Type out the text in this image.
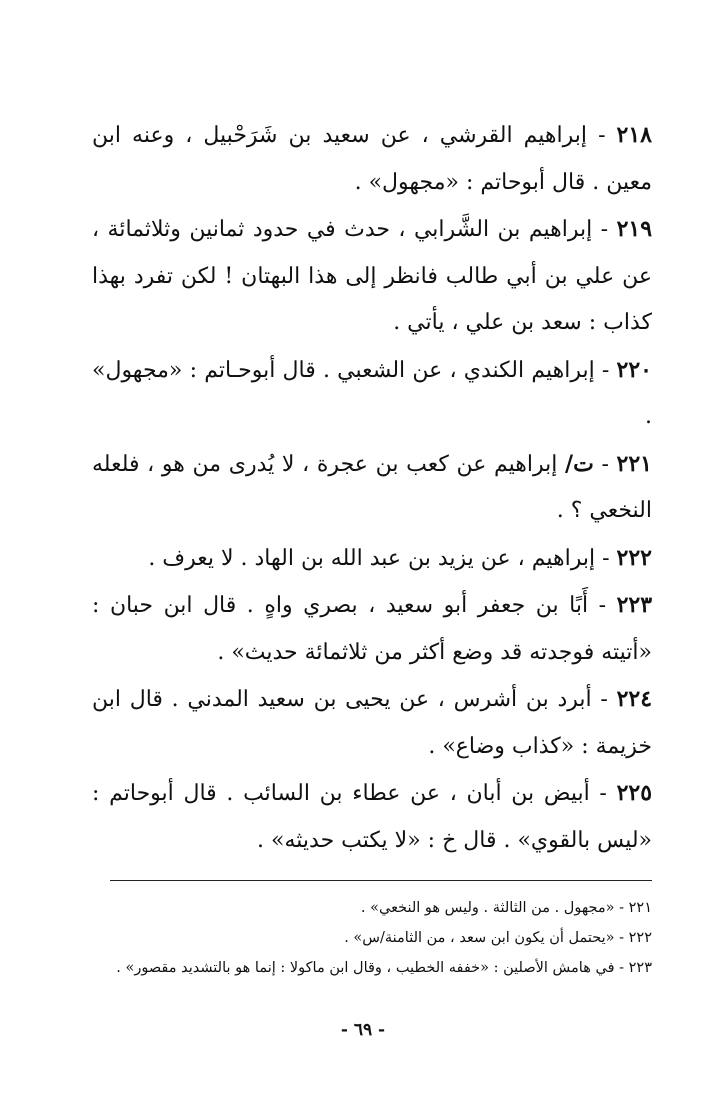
٢١٨ - إبراهيم القرشي ، عن سعيد بن شَرَحْبيل ، وعنه ابن معين . قال أبوحاتم : «مجهول» .

٢١٩ - إبراهيم بن الشَّرابي ، حدث في حدود ثمانين وثلاثمائة ، عن علي بن أبي طالب فانظر إلى هذا البهتان ! لكن تفرد بهذا كذاب : سعد بن علي ، يأتي .

٢٢٠ - إبراهيم الكندي ، عن الشعبي . قال أبوحـاتم : «مجهول» .

٢٢١ - ت/ إبراهيم عن كعب بن عجرة ، لا يُدرى من هو ، فلعله النخعي ؟ .

٢٢٢ - إبراهيم ، عن يزيد بن عبد الله بن الهاد . لا يعرف .

٢٢٣ - أَبًا بن جعفر أبو سعيد ، بصري واهٍ . قال ابن حبان : «أتيته فوجدته قد وضع أكثر من ثلاثمائة حديث» .

٢٢٤ - أبرد بن أشرس ، عن يحيى بن سعيد المدني . قال ابن خزيمة : «كذاب وضاع» .

٢٢٥ - أبيض بن أبان ، عن عطاء بن السائب . قال أبوحاتم : «ليس بالقوي» . قال خ : «لا يكتب حديثه» .

٢٢١ - «مجهول . من الثالثة . وليس هو النخعي» .

٢٢٢ - «يحتمل أن يكون ابن سعد ، من الثامنة/س» .

٢٢٣ - في هامش الأصلين : «خففه الخطيب ، وقال ابن ماكولا : إنما هو بالتشديد مقصور» .

- ٦٩ -
